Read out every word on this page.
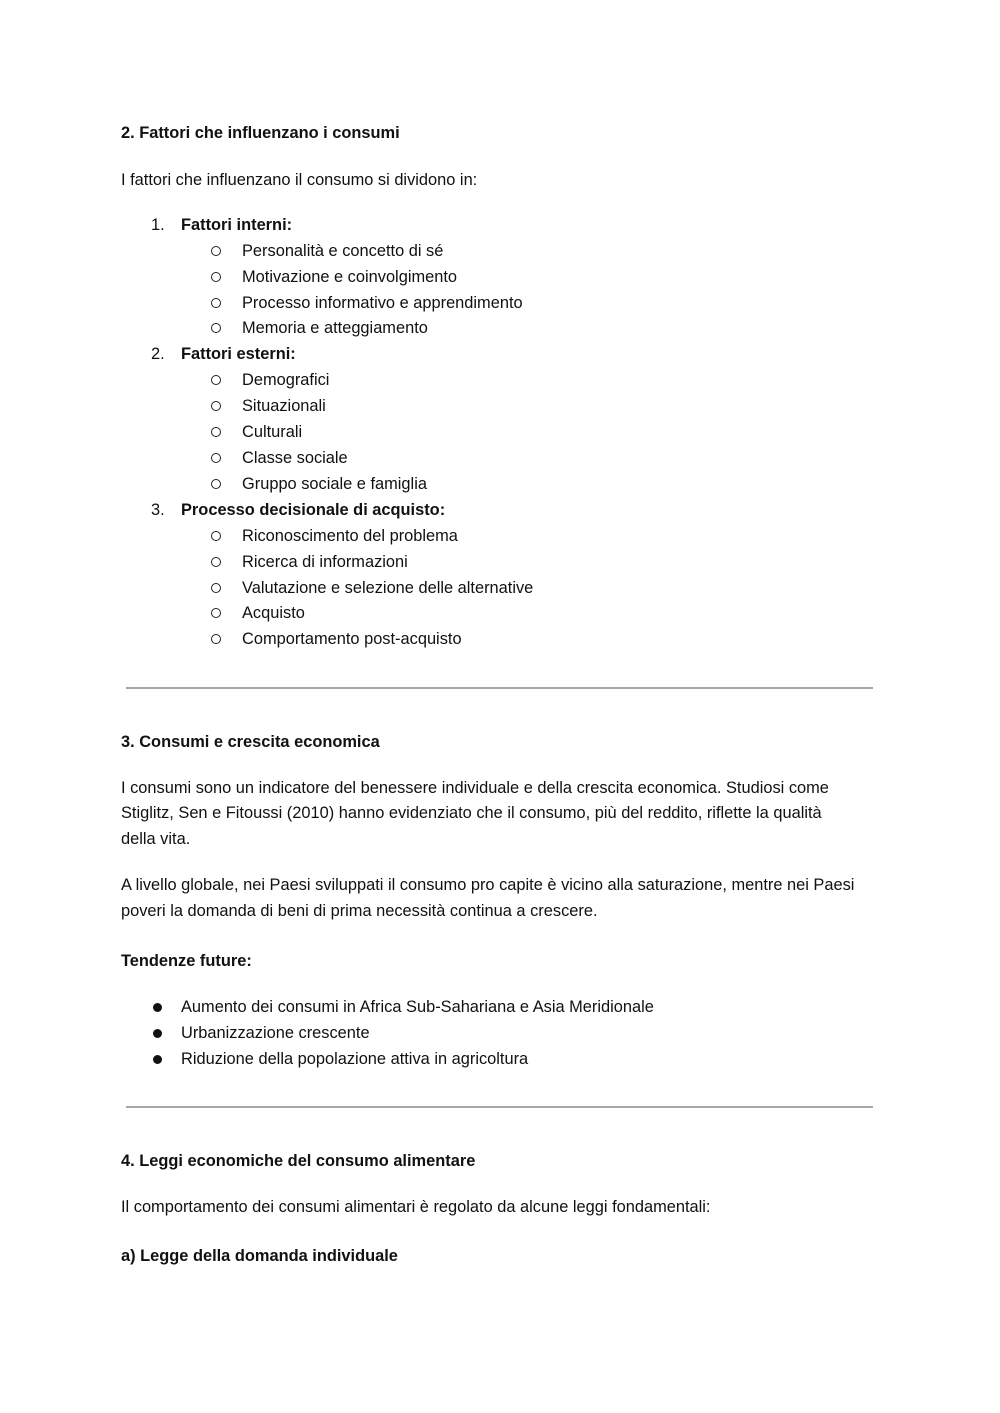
2. Fattori che influenzano i consumi
I fattori che influenzano il consumo si dividono in:
1. Fattori interni:
Personalità e concetto di sé
Motivazione e coinvolgimento
Processo informativo e apprendimento
Memoria e atteggiamento
2. Fattori esterni:
Demografici
Situazionali
Culturali
Classe sociale
Gruppo sociale e famiglia
3. Processo decisionale di acquisto:
Riconoscimento del problema
Ricerca di informazioni
Valutazione e selezione delle alternative
Acquisto
Comportamento post-acquisto
3. Consumi e crescita economica
I consumi sono un indicatore del benessere individuale e della crescita economica. Studiosi come
Stiglitz, Sen e Fitoussi (2010) hanno evidenziato che il consumo, più del reddito, riflette la qualità
della vita.
A livello globale, nei Paesi sviluppati il consumo pro capite è vicino alla saturazione, mentre nei Paesi
poveri la domanda di beni di prima necessità continua a crescere.
Tendenze future:
Aumento dei consumi in Africa Sub-Sahariana e Asia Meridionale
Urbanizzazione crescente
Riduzione della popolazione attiva in agricoltura
4. Leggi economiche del consumo alimentare
Il comportamento dei consumi alimentari è regolato da alcune leggi fondamentali:
a) Legge della domanda individuale
